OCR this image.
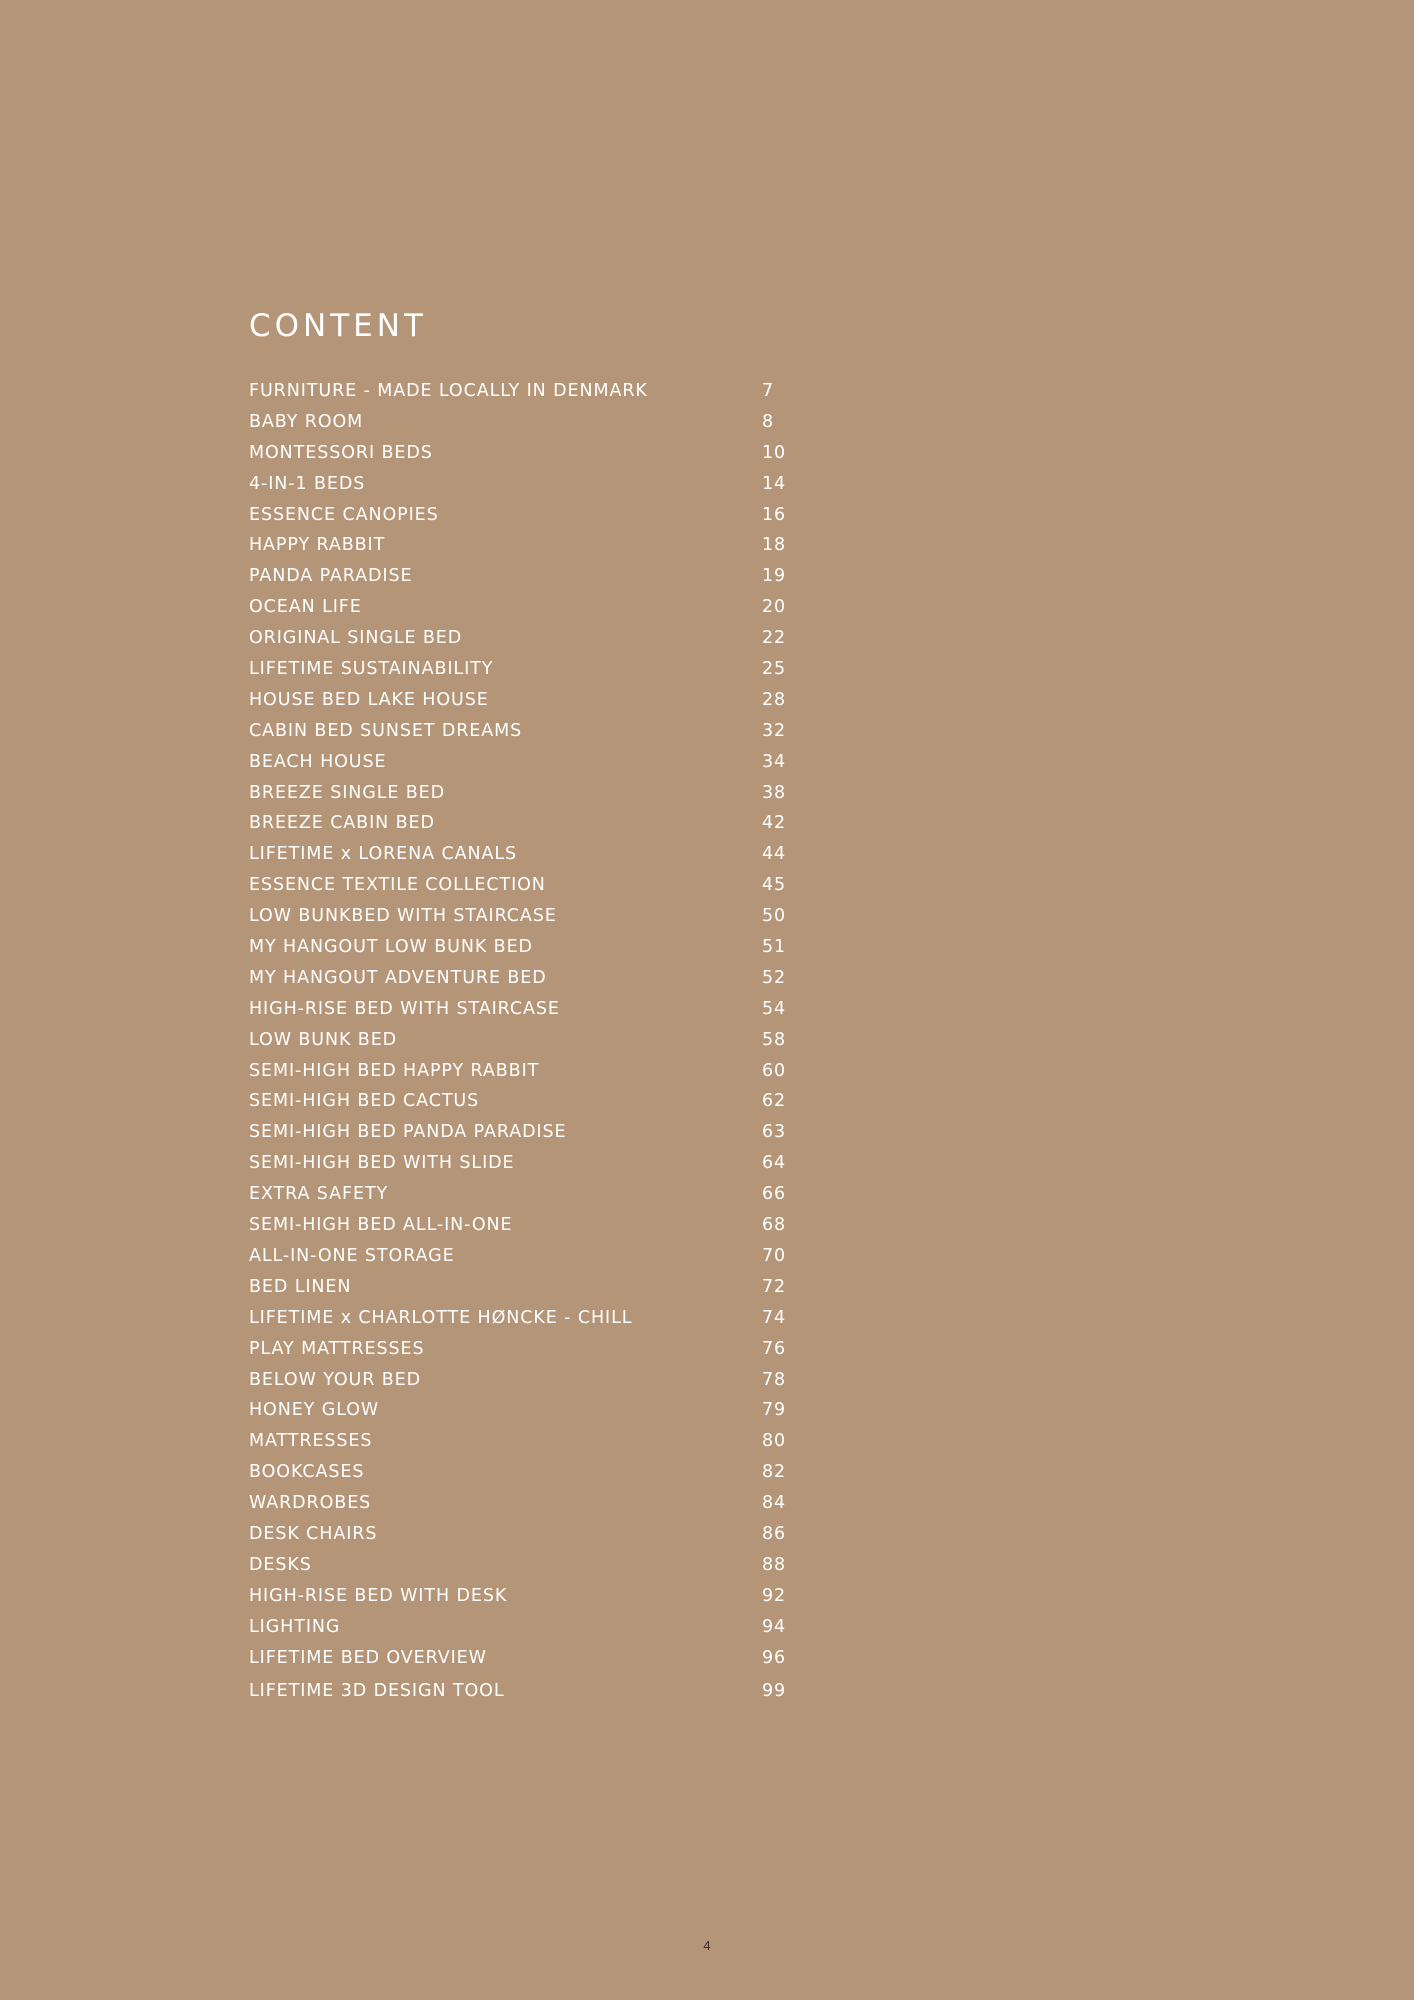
CONTENT
FURNITURE - MADE LOCALLY IN DENMARK	7
BABY ROOM	8
MONTESSORI BEDS	10
4-IN-1 BEDS	14
ESSENCE CANOPIES	16
HAPPY RABBIT	18
PANDA PARADISE	19
OCEAN LIFE	20
ORIGINAL SINGLE BED	22
LIFETIME SUSTAINABILITY	25
HOUSE BED LAKE HOUSE	28
CABIN BED SUNSET DREAMS	32
BEACH HOUSE	34
BREEZE SINGLE BED	38
BREEZE CABIN BED	42
LIFETIME x LORENA CANALS	44
ESSENCE TEXTILE COLLECTION	45
LOW BUNKBED WITH STAIRCASE	50
MY HANGOUT LOW BUNK BED	51
MY HANGOUT ADVENTURE BED	52
HIGH-RISE BED WITH STAIRCASE	54
LOW BUNK BED	58
SEMI-HIGH BED HAPPY RABBIT	60
SEMI-HIGH BED CACTUS	62
SEMI-HIGH BED PANDA PARADISE	63
SEMI-HIGH BED WITH SLIDE	64
EXTRA SAFETY	66
SEMI-HIGH BED ALL-IN-ONE	68
ALL-IN-ONE STORAGE	70
BED LINEN	72
LIFETIME x CHARLOTTE HØNCKE - CHILL	74
PLAY MATTRESSES	76
BELOW YOUR BED	78
HONEY GLOW	79
MATTRESSES	80
BOOKCASES	82
WARDROBES	84
DESK CHAIRS	86
DESKS	88
HIGH-RISE BED WITH DESK	92
LIGHTING	94
LIFETIME BED OVERVIEW	96
LIFETIME 3D DESIGN TOOL	99
4
